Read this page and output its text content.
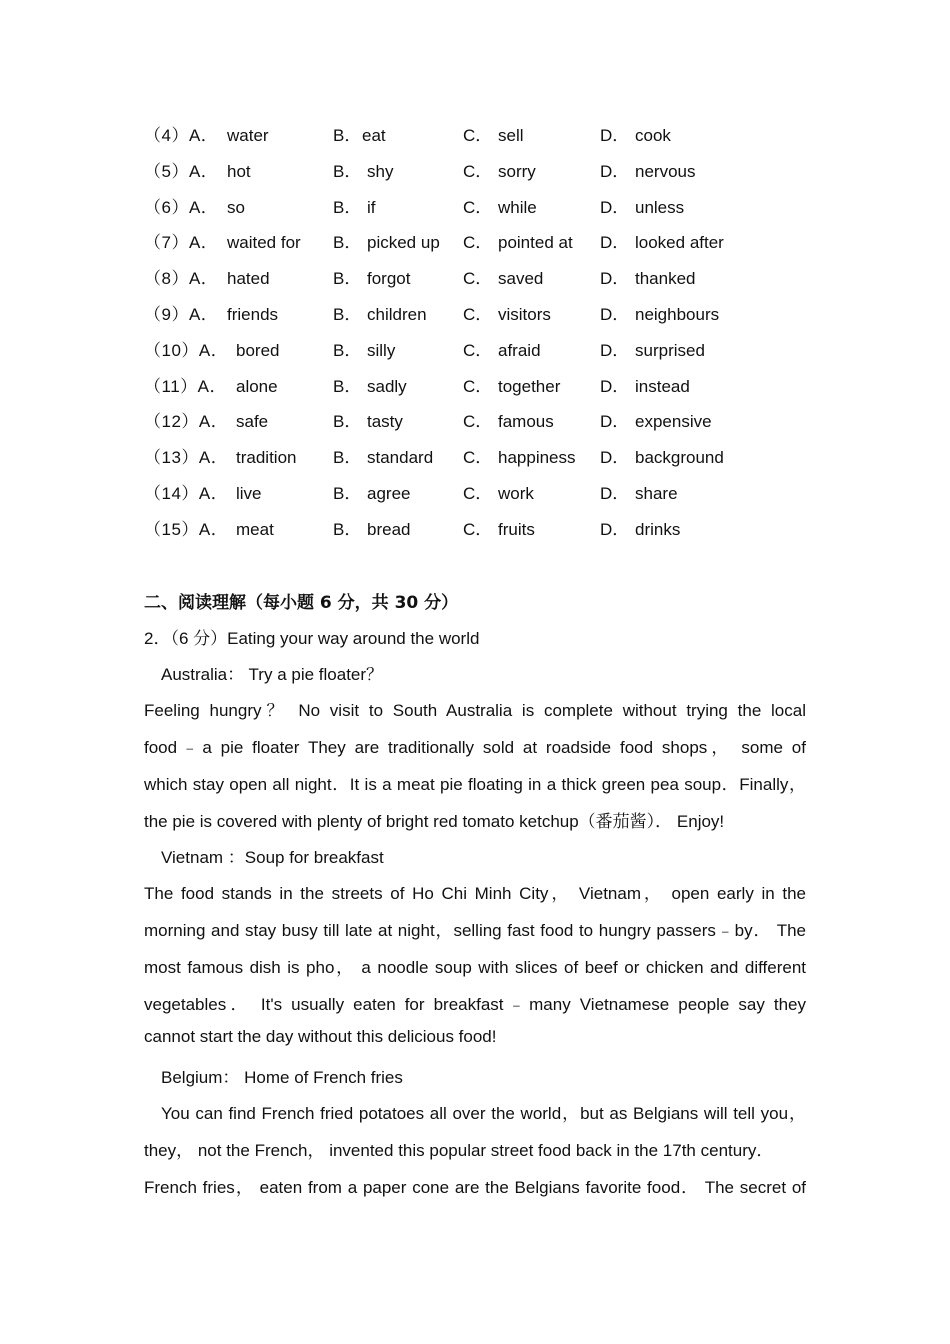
（4）A． water	B． eat	C． sell	D． cook
（5）A． hot	B． shy	C． sorry	D． nervous
（6）A． so	B． if	C． while	D． unless
（7）A． waited for B． picked up C． pointed at D． looked after
（8）A． hated	B． forgot	C． saved	D． thanked
（9）A． friends	B． children C． visitors	D． neighbours
（10）A． bored	B． silly	C． afraid	D． surprised
（11）A． alone	B． sadly	C． together D． instead
（12）A． safe	B． tasty	C． famous	D． expensive
（13）A． tradition B． standard C． happiness D． background
（14）A． live	B． agree	C． work	D． share
（15）A． meat	B． bread	C． fruits	D． drinks
二、阅读理解（每小题 6 分，共 30 分）
2．（6 分）Eating your way around the world
Australia： Try a pie floater？
Feeling hungry？ No visit to South Australia is complete without trying the local
food﹣a pie floater They are traditionally sold at roadside food shops， some of
which stay open all night．It is a meat pie floating in a thick green pea soup．Finally，
the pie is covered with plenty of bright red tomato ketchup（番茄酱）． Enjoy!
Vietnam ：Soup for breakfast
The food stands in the streets of Ho Chi Minh City， Vietnam， open early in the
morning and stay busy till late at night，selling fast food to hungry passers﹣by． The
most famous dish is pho， a noodle soup with slices of beef or chicken and different
vegetables． It's usually eaten for breakfast﹣many Vietnamese people say they
cannot start the day without this delicious food!
Belgium： Home of French fries
You can find French fried potatoes all over the world，but as Belgians will tell you，
they， not the French， invented this popular street food back in the 17th century．
French fries， eaten from a paper cone are the Belgians favorite food． The secret of
